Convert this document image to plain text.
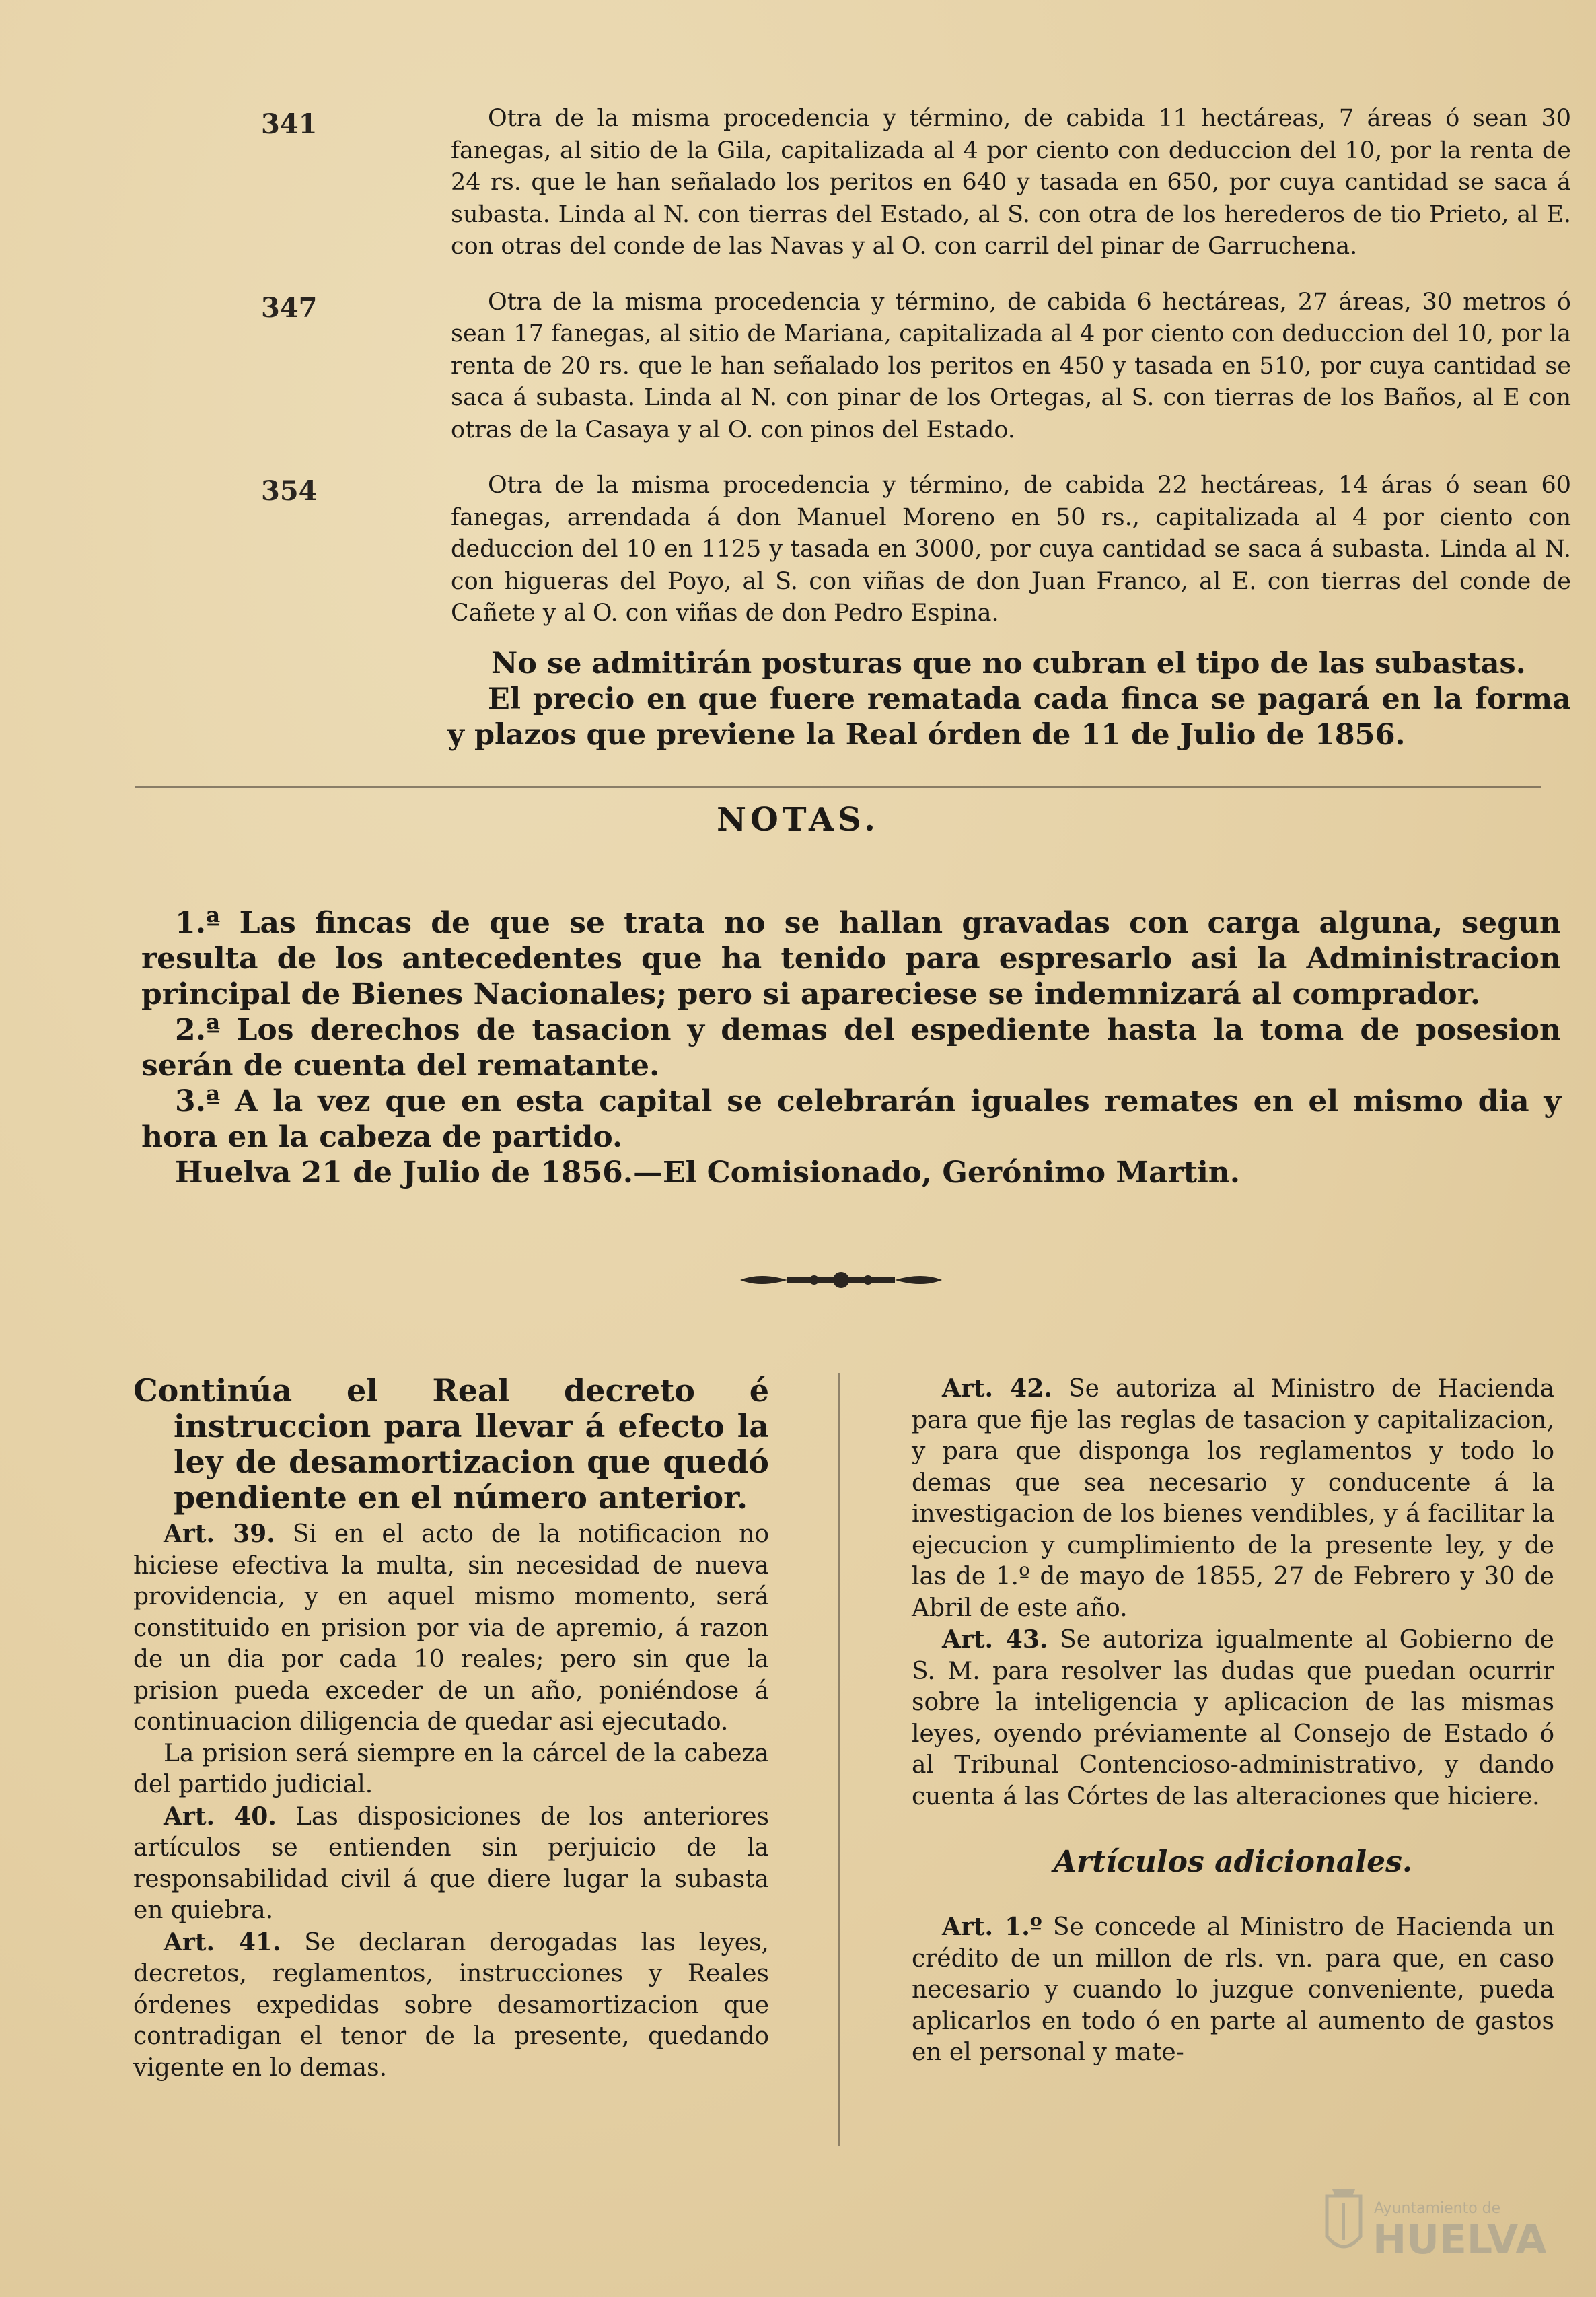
341	Otra de la misma procedencia y término, de cabida 11 hectáreas, 7 áreas ó sean 30 fanegas, al sitio de la Gila, capitalizada al 4 por ciento con deduccion del 10, por la renta de 24 rs. que le han señalado los peritos en 640 y tasada en 650, por cuya cantidad se saca á subasta. Linda al N. con tierras del Estado, al S. con otra de los herederos de tio Prieto, al E. con otras del conde de las Navas y al O. con carril del pinar de Garruchena.

347	Otra de la misma procedencia y término, de cabida 6 hectáreas, 27 áreas, 30 metros ó sean 17 fanegas, al sitio de Mariana, capitalizada al 4 por ciento con deduccion del 10, por la renta de 20 rs. que le han señalado los peritos en 450 y tasada en 510, por cuya cantidad se saca á subasta. Linda al N. con pinar de los Ortegas, al S. con tierras de los Baños, al E con otras de la Casaya y al O. con pinos del Estado.

354	Otra de la misma procedencia y término, de cabida 22 hectáreas, 14 áras ó sean 60 fanegas, arrendada á don Manuel Moreno en 50 rs., capitalizada al 4 por ciento con deduccion del 10 en 1125 y tasada en 3000, por cuya cantidad se saca á subasta. Linda al N. con higueras del Poyo, al S. con viñas de don Juan Franco, al E. con tierras del conde de Cañete y al O. con viñas de don Pedro Espina.

No se admitirán posturas que no cubran el tipo de las subastas.

El precio en que fuere rematada cada finca se pagará en la forma y plazos que previene la Real órden de 11 de Julio de 1856.

NOTAS.

1.ª Las fincas de que se trata no se hallan gravadas con carga alguna, segun resulta de los antecedentes que ha tenido para espresarlo asi la Administracion principal de Bienes Nacionales; pero si apareciese se indemnizará al comprador.

2.ª Los derechos de tasacion y demas del espediente hasta la toma de posesion serán de cuenta del rematante.

3.ª A la vez que en esta capital se celebrarán iguales remates en el mismo dia y hora en la cabeza de partido.

Huelva 21 de Julio de 1856.—El Comisionado, Gerónimo Martin.

Continúa el Real decreto é instruccion para llevar á efecto la ley de desamortizacion que quedó pendiente en el número anterior.

Art. 39. Si en el acto de la notificacion no hiciese efectiva la multa, sin necesidad de nueva providencia, y en aquel mismo momento, será constituido en prision por via de apremio, á razon de un dia por cada 10 reales; pero sin que la prision pueda exceder de un año, poniéndose á continuacion diligencia de quedar asi ejecutado.

La prision será siempre en la cárcel de la cabeza del partido judicial.

Art. 40. Las disposiciones de los anteriores artículos se entienden sin perjuicio de la responsabilidad civil á que diere lugar la subasta en quiebra.

Art. 41. Se declaran derogadas las leyes, decretos, reglamentos, instrucciones y Reales órdenes expedidas sobre desamortizacion que contradigan el tenor de la presente, quedando vigente en lo demas.

Art. 42. Se autoriza al Ministro de Hacienda para que fije las reglas de tasacion y capitalizacion, y para que disponga los reglamentos y todo lo demas que sea necesario y conducente á la investigacion de los bienes vendibles, y á facilitar la ejecucion y cumplimiento de la presente ley, y de las de 1.º de mayo de 1855, 27 de Febrero y 30 de Abril de este año.

Art. 43. Se autoriza igualmente al Gobierno de S. M. para resolver las dudas que puedan ocurrir sobre la inteligencia y aplicacion de las mismas leyes, oyendo préviamente al Consejo de Estado ó al Tribunal Contencioso-administrativo, y dando cuenta á las Córtes de las alteraciones que hiciere.

Artículos adicionales.

Art. 1.º Se concede al Ministro de Hacienda un crédito de un millon de rls. vn. para que, en caso necesario y cuando lo juzgue conveniente, pueda aplicarlos en todo ó en parte al aumento de gastos en el personal y mate-

Ayuntamiento de
HUELVA
